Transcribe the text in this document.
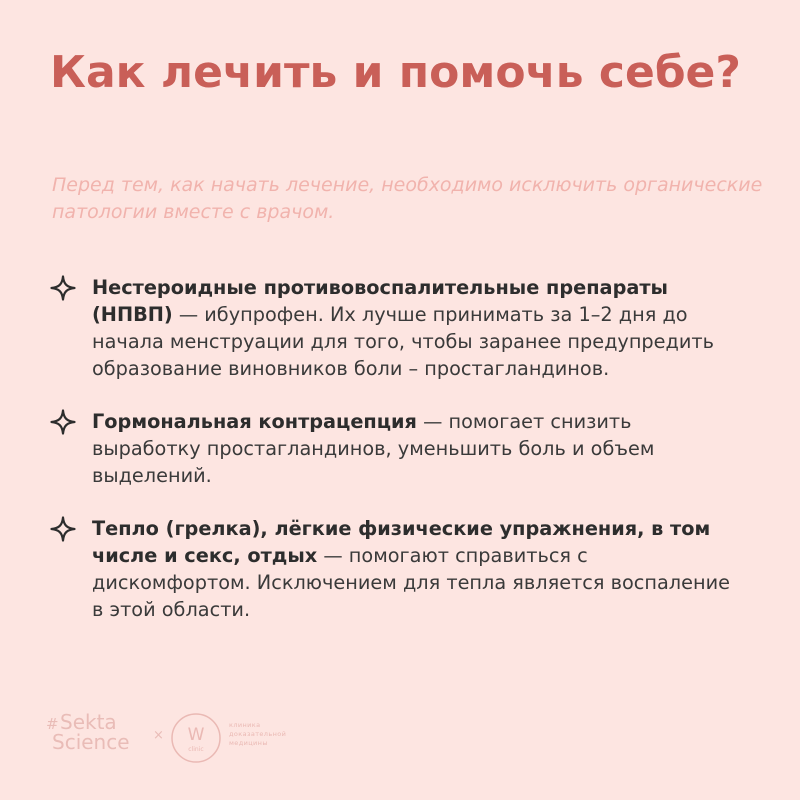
Как лечить и помочь себе?

Перед тем, как начать лечение, необходимо исключить органические патологии вместе с врачом.

Нестероидные противовоспалительные препараты (НПВП) — ибупрофен. Их лучше принимать за 1–2 дня до начала менструации для того, чтобы заранее предупредить образование виновников боли – простагландинов.
Гормональная контрацепция — помогает снизить выработку простагландинов, уменьшить боль и объем выделений.
Тепло (грелка), лёгкие физические упражнения, в том числе и секс, отдых — помогают справиться с дискомфортом. Исключением для тепла является воспаление в этой области.
# Sekta
Science × W
clinic
клиника
доказательной
медицины
